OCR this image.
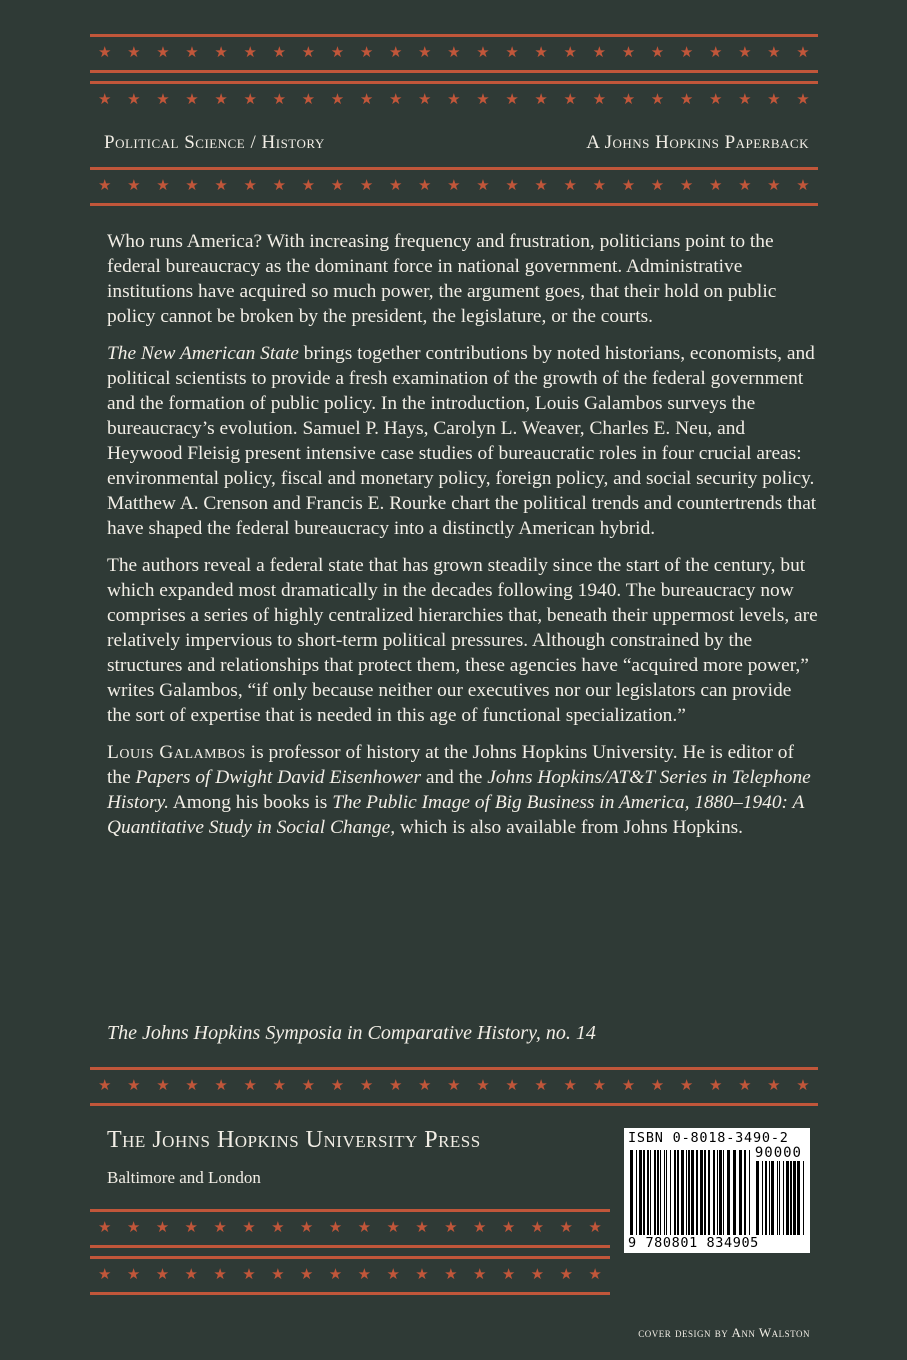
★ ★ ★ ★ ★ ★ ★ ★ ★ ★ ★ ★ ★ ★ ★ ★ ★ ★ ★ ★ ★ ★ ★ ★ ★
★ ★ ★ ★ ★ ★ ★ ★ ★ ★ ★ ★ ★ ★ ★ ★ ★ ★ ★ ★ ★ ★ ★ ★ ★
Political Science / History	A Johns Hopkins Paperback
★ ★ ★ ★ ★ ★ ★ ★ ★ ★ ★ ★ ★ ★ ★ ★ ★ ★ ★ ★ ★ ★ ★ ★ ★

Who runs America? With increasing frequency and frustration, politicians point to the federal bureaucracy as the dominant force in national government. Administrative institutions have acquired so much power, the argument goes, that their hold on public policy cannot be broken by the president, the legislature, or the courts.

The New American State brings together contributions by noted historians, economists, and political scientists to provide a fresh examination of the growth of the federal government and the formation of public policy. In the introduction, Louis Galambos surveys the bureaucracy’s evolution. Samuel P. Hays, Carolyn L. Weaver, Charles E. Neu, and Heywood Fleisig present intensive case studies of bureaucratic roles in four crucial areas: environmental policy, fiscal and monetary policy, foreign policy, and social security policy. Matthew A. Crenson and Francis E. Rourke chart the political trends and countertrends that have shaped the federal bureaucracy into a distinctly American hybrid.

The authors reveal a federal state that has grown steadily since the start of the century, but which expanded most dramatically in the decades following 1940. The bureaucracy now comprises a series of highly centralized hierarchies that, beneath their uppermost levels, are relatively impervious to short-term political pressures. Although constrained by the structures and relationships that protect them, these agencies have “acquired more power,” writes Galambos, “if only because neither our executives nor our legislators can provide the sort of expertise that is needed in this age of functional specialization.”

Louis Galambos is professor of history at the Johns Hopkins University. He is editor of the Papers of Dwight David Eisenhower and the Johns Hopkins/AT&T Series in Telephone History. Among his books is The Public Image of Big Business in America, 1880–1940: A Quantitative Study in Social Change, which is also available from Johns Hopkins.

The Johns Hopkins Symposia in Comparative History, no. 14
★ ★ ★ ★ ★ ★ ★ ★ ★ ★ ★ ★ ★ ★ ★ ★ ★ ★ ★ ★ ★ ★ ★ ★ ★
The Johns Hopkins University Press
Baltimore and London
★ ★ ★ ★ ★ ★ ★ ★ ★ ★ ★ ★ ★ ★ ★ ★ ★ ★
★ ★ ★ ★ ★ ★ ★ ★ ★ ★ ★ ★ ★ ★ ★ ★ ★ ★
ISBN 0-8018-3490-2
90000
9 780801 834905
cover design by Ann Walston
